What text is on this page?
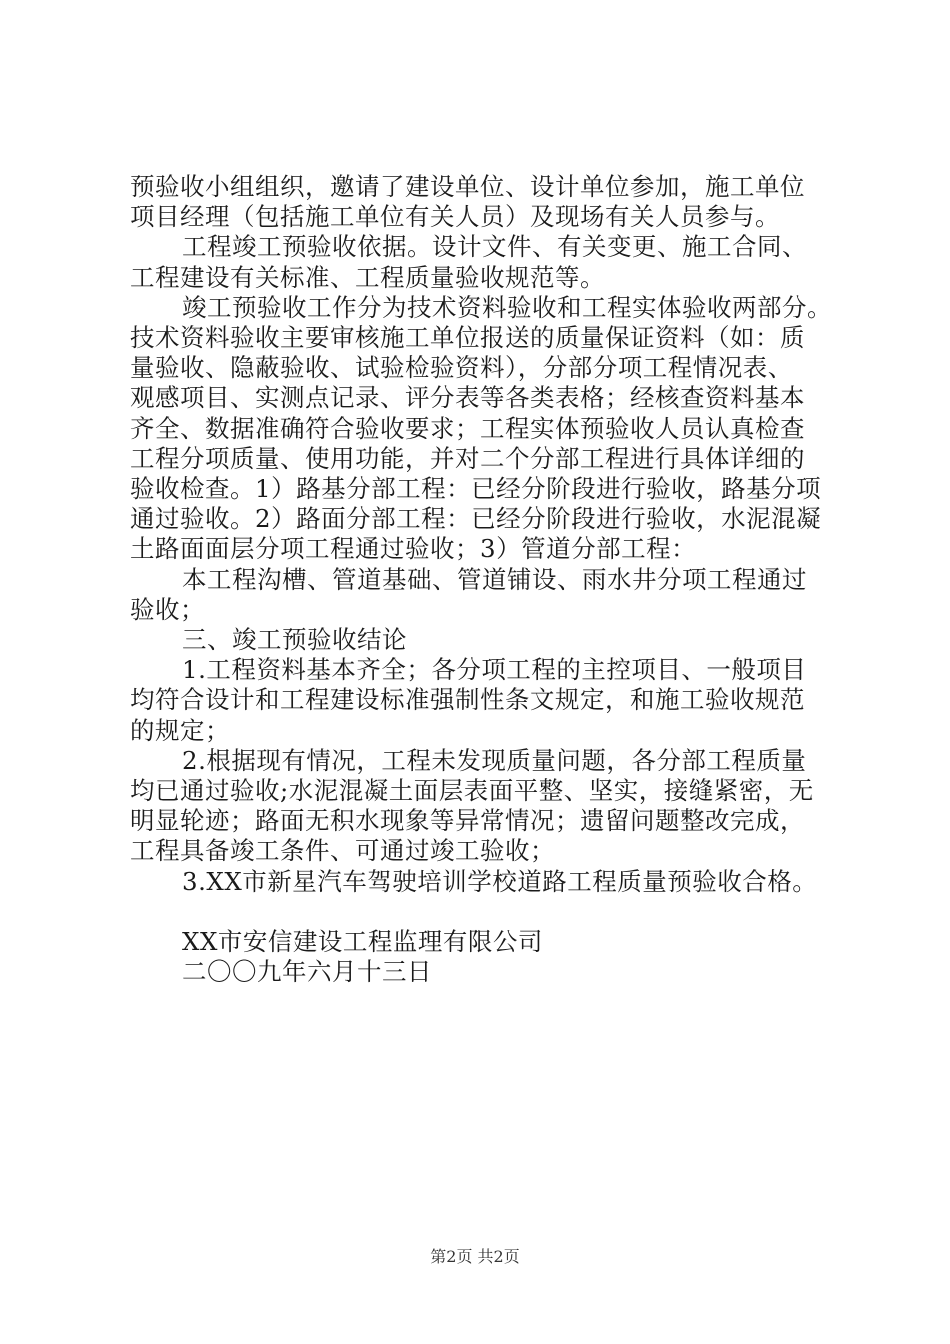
预验收小组组织，邀请了建设单位、设计单位参加，施工单位
项目经理（包括施工单位有关人员）及现场有关人员参与。
工程竣工预验收依据。设计文件、有关变更、施工合同、
工程建设有关标准、工程质量验收规范等。
竣工预验收工作分为技术资料验收和工程实体验收两部分。
技术资料验收主要审核施工单位报送的质量保证资料（如：质
量验收、隐蔽验收、试验检验资料），分部分项工程情况表、
观感项目、实测点记录、评分表等各类表格；经核查资料基本
齐全、数据准确符合验收要求；工程实体预验收人员认真检查
工程分项质量、使用功能，并对二个分部工程进行具体详细的
验收检查。1）路基分部工程：已经分阶段进行验收，路基分项
通过验收。2）路面分部工程：已经分阶段进行验收，水泥混凝
土路面面层分项工程通过验收；3）管道分部工程：
本工程沟槽、管道基础、管道铺设、雨水井分项工程通过
验收；
三、竣工预验收结论
1.工程资料基本齐全；各分项工程的主控项目、一般项目
均符合设计和工程建设标准强制性条文规定，和施工验收规范
的规定；
2.根据现有情况，工程未发现质量问题，各分部工程质量
均已通过验收;水泥混凝土面层表面平整、坚实，接缝紧密，无
明显轮迹；路面无积水现象等异常情况；遗留问题整改完成，
工程具备竣工条件、可通过竣工验收；
3.XX市新星汽车驾驶培训学校道路工程质量预验收合格。
XX市安信建设工程监理有限公司
二〇〇九年六月十三日
第2页 共2页
